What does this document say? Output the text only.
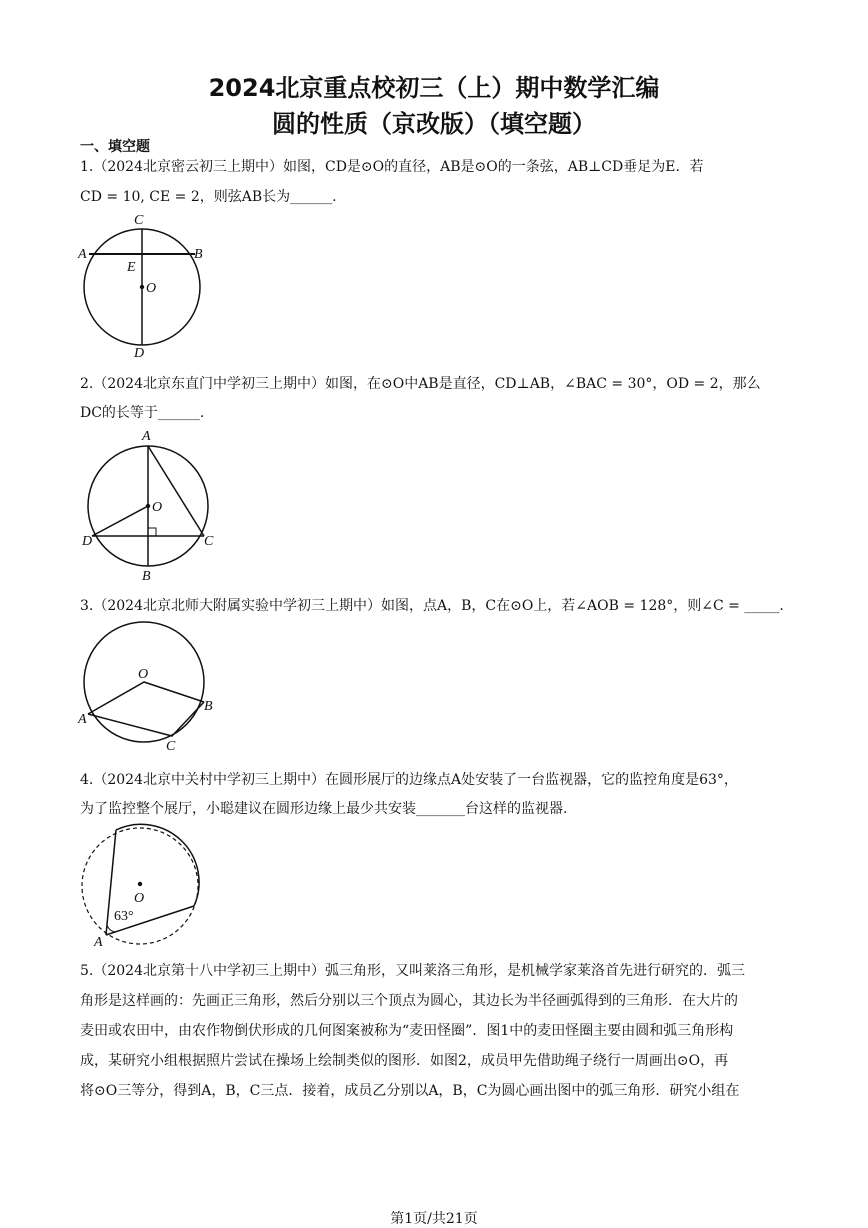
2024北京重点校初三（上）期中数学汇编
圆的性质（京改版）（填空题）
一、填空题
1.（2024北京密云初三上期中）如图，CD是⊙O的直径，AB是⊙O的一条弦，AB⊥CD垂足为E．若
CD = 10, CE = 2，则弦AB长为______.
C
A	B
E
O
D
2.（2024北京东直门中学初三上期中）如图，在⊙O中AB是直径，CD⊥AB，∠BAC = 30°，OD = 2，那么
DC的长等于______.
A
O
D	C
B
3.（2024北京北师大附属实验中学初三上期中）如图，点A，B，C在⊙O上，若∠AOB = 128°，则∠C = _____.
O
A
B
C
4.（2024北京中关村中学初三上期中）在圆形展厅的边缘点A处安装了一台监视器，它的监控角度是63°，
为了监控整个展厅，小聪建议在圆形边缘上最少共安装_______台这样的监视器.
O
63°
A
5.（2024北京第十八中学初三上期中）弧三角形，又叫莱洛三角形，是机械学家莱洛首先进行研究的．弧三
角形是这样画的：先画正三角形，然后分别以三个顶点为圆心，其边长为半径画弧得到的三角形．在大片的
麦田或农田中，由农作物倒伏形成的几何图案被称为“麦田怪圈”．图1中的麦田怪圈主要由圆和弧三角形构
成，某研究小组根据照片尝试在操场上绘制类似的图形．如图2，成员甲先借助绳子绕行一周画出⊙O，再
将⊙O三等分，得到A，B，C三点．接着，成员乙分别以A，B，C为圆心画出图中的弧三角形．研究小组在
第1页/共21页
